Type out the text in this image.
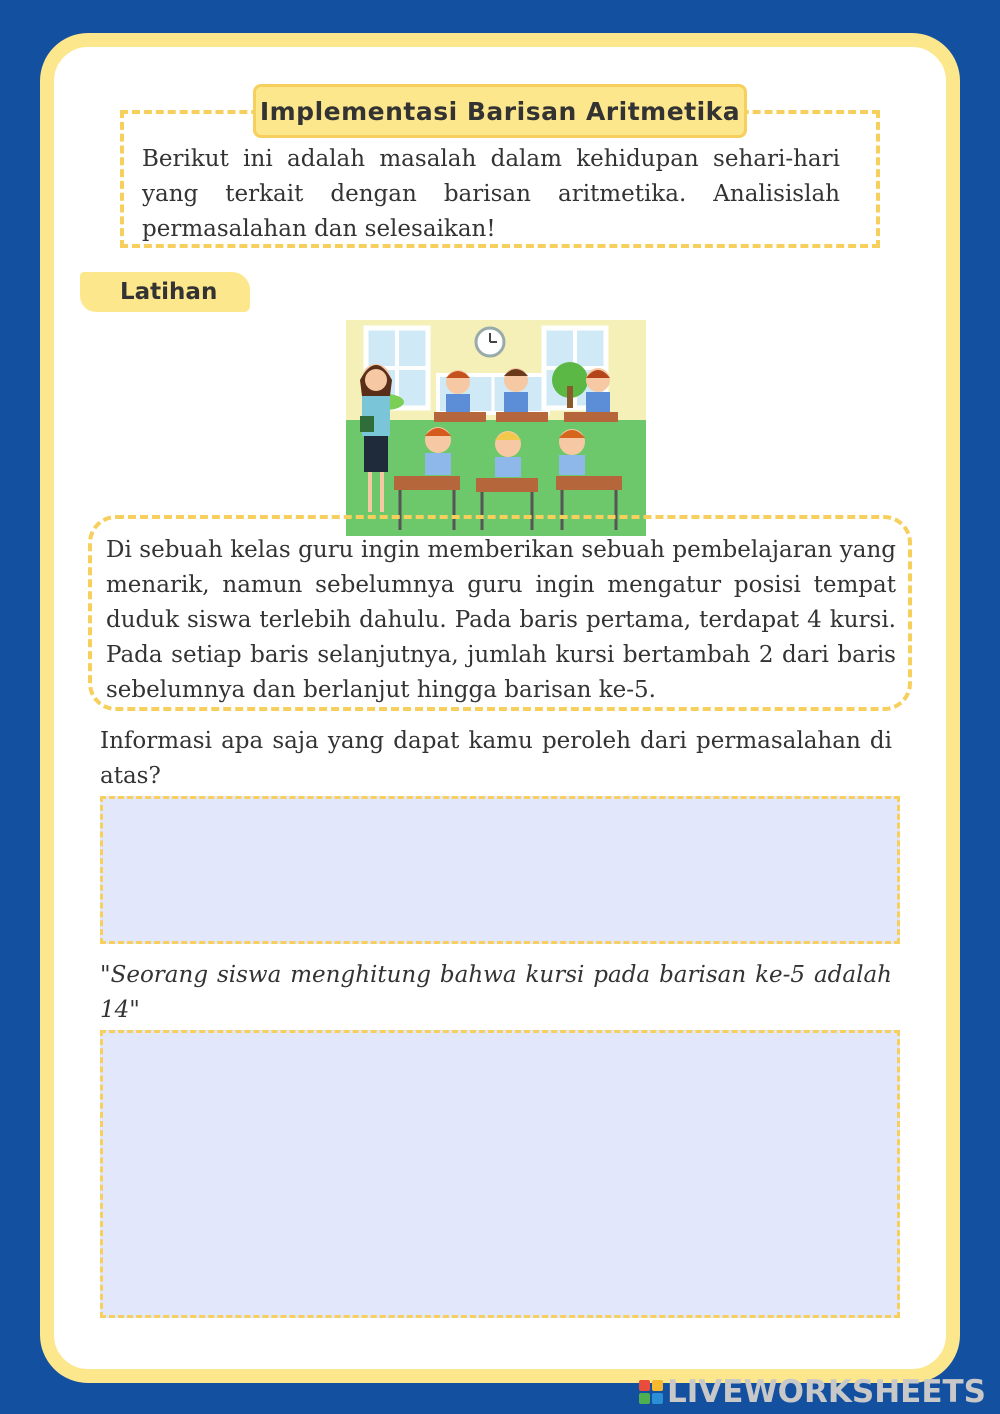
Berikut ini adalah masalah dalam kehidupan sehari-hari yang terkait dengan barisan aritmetika. Analisislah permasalahan dan selesaikan!

Implementasi Barisan Aritmetika
Latihan

Di sebuah kelas guru ingin memberikan sebuah pembelajaran yang menarik, namun sebelumnya guru ingin mengatur posisi tempat duduk siswa terlebih dahulu. Pada baris pertama, terdapat 4 kursi. Pada setiap baris selanjutnya, jumlah kursi bertambah 2 dari baris sebelumnya dan berlanjut hingga barisan ke-5.

Informasi apa saja yang dapat kamu peroleh dari permasalahan di atas?

"Seorang siswa menghitung bahwa kursi pada barisan ke-5 adalah 14"

LIVEWORKSHEETS
